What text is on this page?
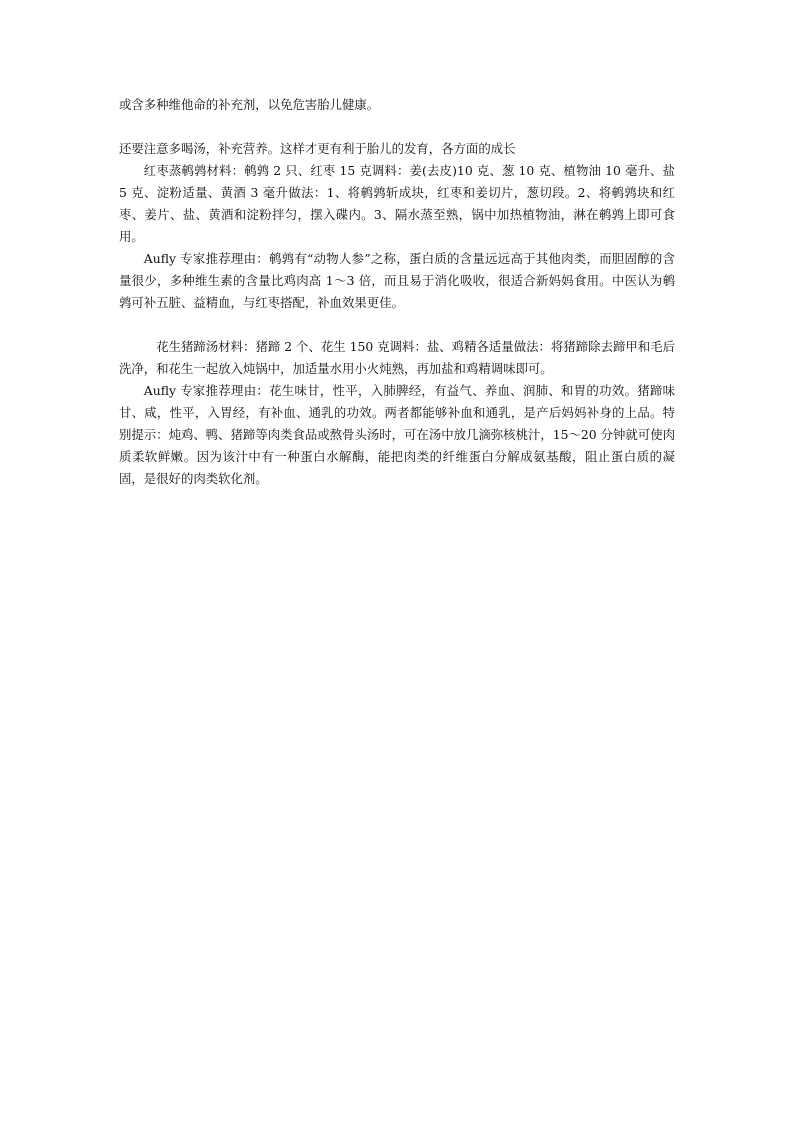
或含多种维他命的补充剂，以免危害胎儿健康。

还要注意多喝汤，补充营养。这样才更有利于胎儿的发育，各方面的成长

红枣蒸鹌鹑材料：鹌鹑 2 只、红枣 15 克调料：姜(去皮)10 克、葱 10 克、植物油 10 毫升、盐 5 克、淀粉适量、黄酒 3 毫升做法：1、将鹌鹑斩成块，红枣和姜切片，葱切段。2、将鹌鹑块和红枣、姜片、盐、黄酒和淀粉拌匀，摆入碟内。3、隔水蒸至熟，锅中加热植物油，淋在鹌鹑上即可食用。

Aufly 专家推荐理由：鹌鹑有“动物人参”之称，蛋白质的含量远远高于其他肉类，而胆固醇的含量很少，多种维生素的含量比鸡肉高 1～3 倍，而且易于消化吸收，很适合新妈妈食用。中医认为鹌鹑可补五脏、益精血，与红枣搭配，补血效果更佳。

花生猪蹄汤材料：猪蹄 2 个、花生 150 克调料：盐、鸡精各适量做法：将猪蹄除去蹄甲和毛后洗净，和花生一起放入炖锅中，加适量水用小火炖熟，再加盐和鸡精调味即可。

Aufly 专家推荐理由：花生味甘，性平，入肺脾经，有益气、养血、润肺、和胃的功效。猪蹄味甘、咸，性平，入胃经，有补血、通乳的功效。两者都能够补血和通乳，是产后妈妈补身的上品。特别提示：炖鸡、鸭、猪蹄等肉类食品或熬骨头汤时，可在汤中放几滴弥核桃汁，15～20 分钟就可使肉质柔软鲜嫩。因为该汁中有一种蛋白水解酶，能把肉类的纤维蛋白分解成氨基酸，阻止蛋白质的凝固，是很好的肉类软化剂。
